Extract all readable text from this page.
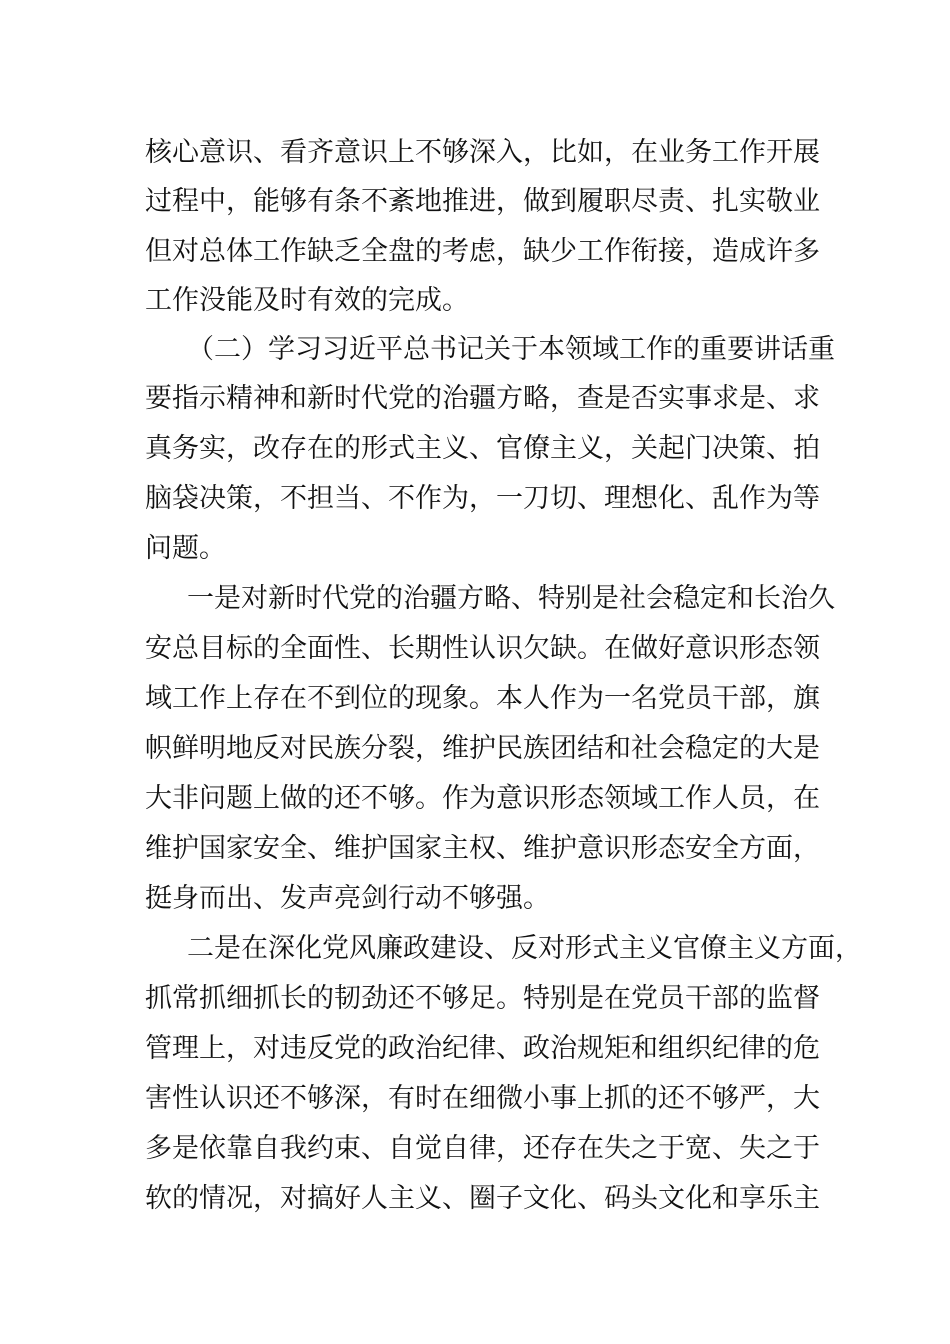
核心意识、看齐意识上不够深入，比如，在业务工作开展

过程中，能够有条不紊地推进，做到履职尽责、扎实敬业

但对总体工作缺乏全盘的考虑，缺少工作衔接，造成许多

工作没能及时有效的完成。

（二）学习习近平总书记关于本领域工作的重要讲话重

要指示精神和新时代党的治疆方略，查是否实事求是、求

真务实，改存在的形式主义、官僚主义，关起门决策、拍

脑袋决策，不担当、不作为，一刀切、理想化、乱作为等

问题。

一是对新时代党的治疆方略、特别是社会稳定和长治久

安总目标的全面性、长期性认识欠缺。在做好意识形态领

域工作上存在不到位的现象。本人作为一名党员干部，旗

帜鲜明地反对民族分裂，维护民族团结和社会稳定的大是

大非问题上做的还不够。作为意识形态领域工作人员，在

维护国家安全、维护国家主权、维护意识形态安全方面，

挺身而出、发声亮剑行动不够强。

二是在深化党风廉政建设、反对形式主义官僚主义方面，

抓常抓细抓长的韧劲还不够足。特别是在党员干部的监督

管理上，对违反党的政治纪律、政治规矩和组织纪律的危

害性认识还不够深，有时在细微小事上抓的还不够严，大

多是依靠自我约束、自觉自律，还存在失之于宽、失之于

软的情况，对搞好人主义、圈子文化、码头文化和享乐主
